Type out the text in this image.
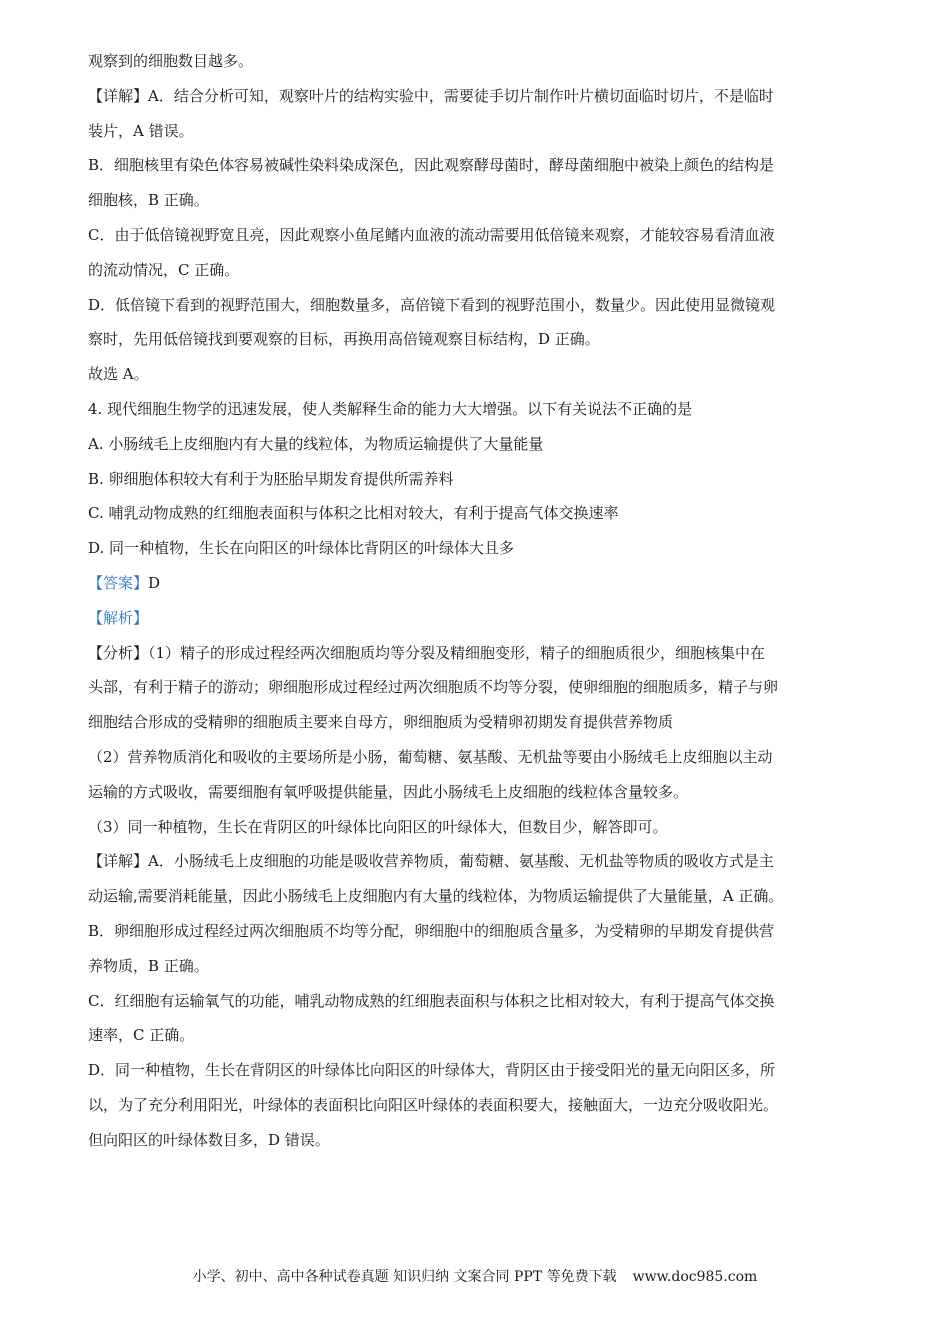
观察到的细胞数目越多。
【详解】A．结合分析可知，观察叶片的结构实验中，需要徒手切片制作叶片横切面临时切片，不是临时
装片，A 错误。
B．细胞核里有染色体容易被碱性染料染成深色，因此观察酵母菌时，酵母菌细胞中被染上颜色的结构是
细胞核，B 正确。
C．由于低倍镜视野宽且亮，因此观察小鱼尾鳍内血液的流动需要用低倍镜来观察，才能较容易看清血液
的流动情况，C 正确。
D．低倍镜下看到的视野范围大，细胞数量多，高倍镜下看到的视野范围小，数量少。因此使用显微镜观
察时，先用低倍镜找到要观察的目标，再换用高倍镜观察目标结构，D 正确。
故选 A。
4. 现代细胞生物学的迅速发展，使人类解释生命的能力大大增强。以下有关说法不正确的是
A. 小肠绒毛上皮细胞内有大量的线粒体，为物质运输提供了大量能量
B. 卵细胞体积较大有利于为胚胎早期发育提供所需养料
C. 哺乳动物成熟的红细胞表面积与体积之比相对较大，有利于提高气体交换速率
D. 同一种植物，生长在向阳区的叶绿体比背阴区的叶绿体大且多
【答案】D
【解析】
【分析】（1）精子的形成过程经两次细胞质均等分裂及精细胞变形，精子的细胞质很少，细胞核集中在
头部，有利于精子的游动；卵细胞形成过程经过两次细胞质不均等分裂，使卵细胞的细胞质多，精子与卵
细胞结合形成的受精卵的细胞质主要来自母方，卵细胞质为受精卵初期发育提供营养物质
（2）营养物质消化和吸收的主要场所是小肠，葡萄糖、氨基酸、无机盐等要由小肠绒毛上皮细胞以主动
运输的方式吸收，需要细胞有氧呼吸提供能量，因此小肠绒毛上皮细胞的线粒体含量较多。
（3）同一种植物，生长在背阴区的叶绿体比向阳区的叶绿体大，但数目少，解答即可。
【详解】A．小肠绒毛上皮细胞的功能是吸收营养物质，葡萄糖、氨基酸、无机盐等物质的吸收方式是主
动运输,需要消耗能量，因此小肠绒毛上皮细胞内有大量的线粒体，为物质运输提供了大量能量，A 正确。
B．卵细胞形成过程经过两次细胞质不均等分配，卵细胞中的细胞质含量多，为受精卵的早期发育提供营
养物质，B 正确。
C．红细胞有运输氧气的功能，哺乳动物成熟的红细胞表面积与体积之比相对较大，有利于提高气体交换
速率，C 正确。
D．同一种植物，生长在背阴区的叶绿体比向阳区的叶绿体大，背阴区由于接受阳光的量无向阳区多，所
以，为了充分利用阳光，叶绿体的表面积比向阳区叶绿体的表面积要大，接触面大，一边充分吸收阳光。
但向阳区的叶绿体数目多，D 错误。
小学、初中、高中各种试卷真题 知识归纳 文案合同 PPT 等免费下载 www.doc985.com
